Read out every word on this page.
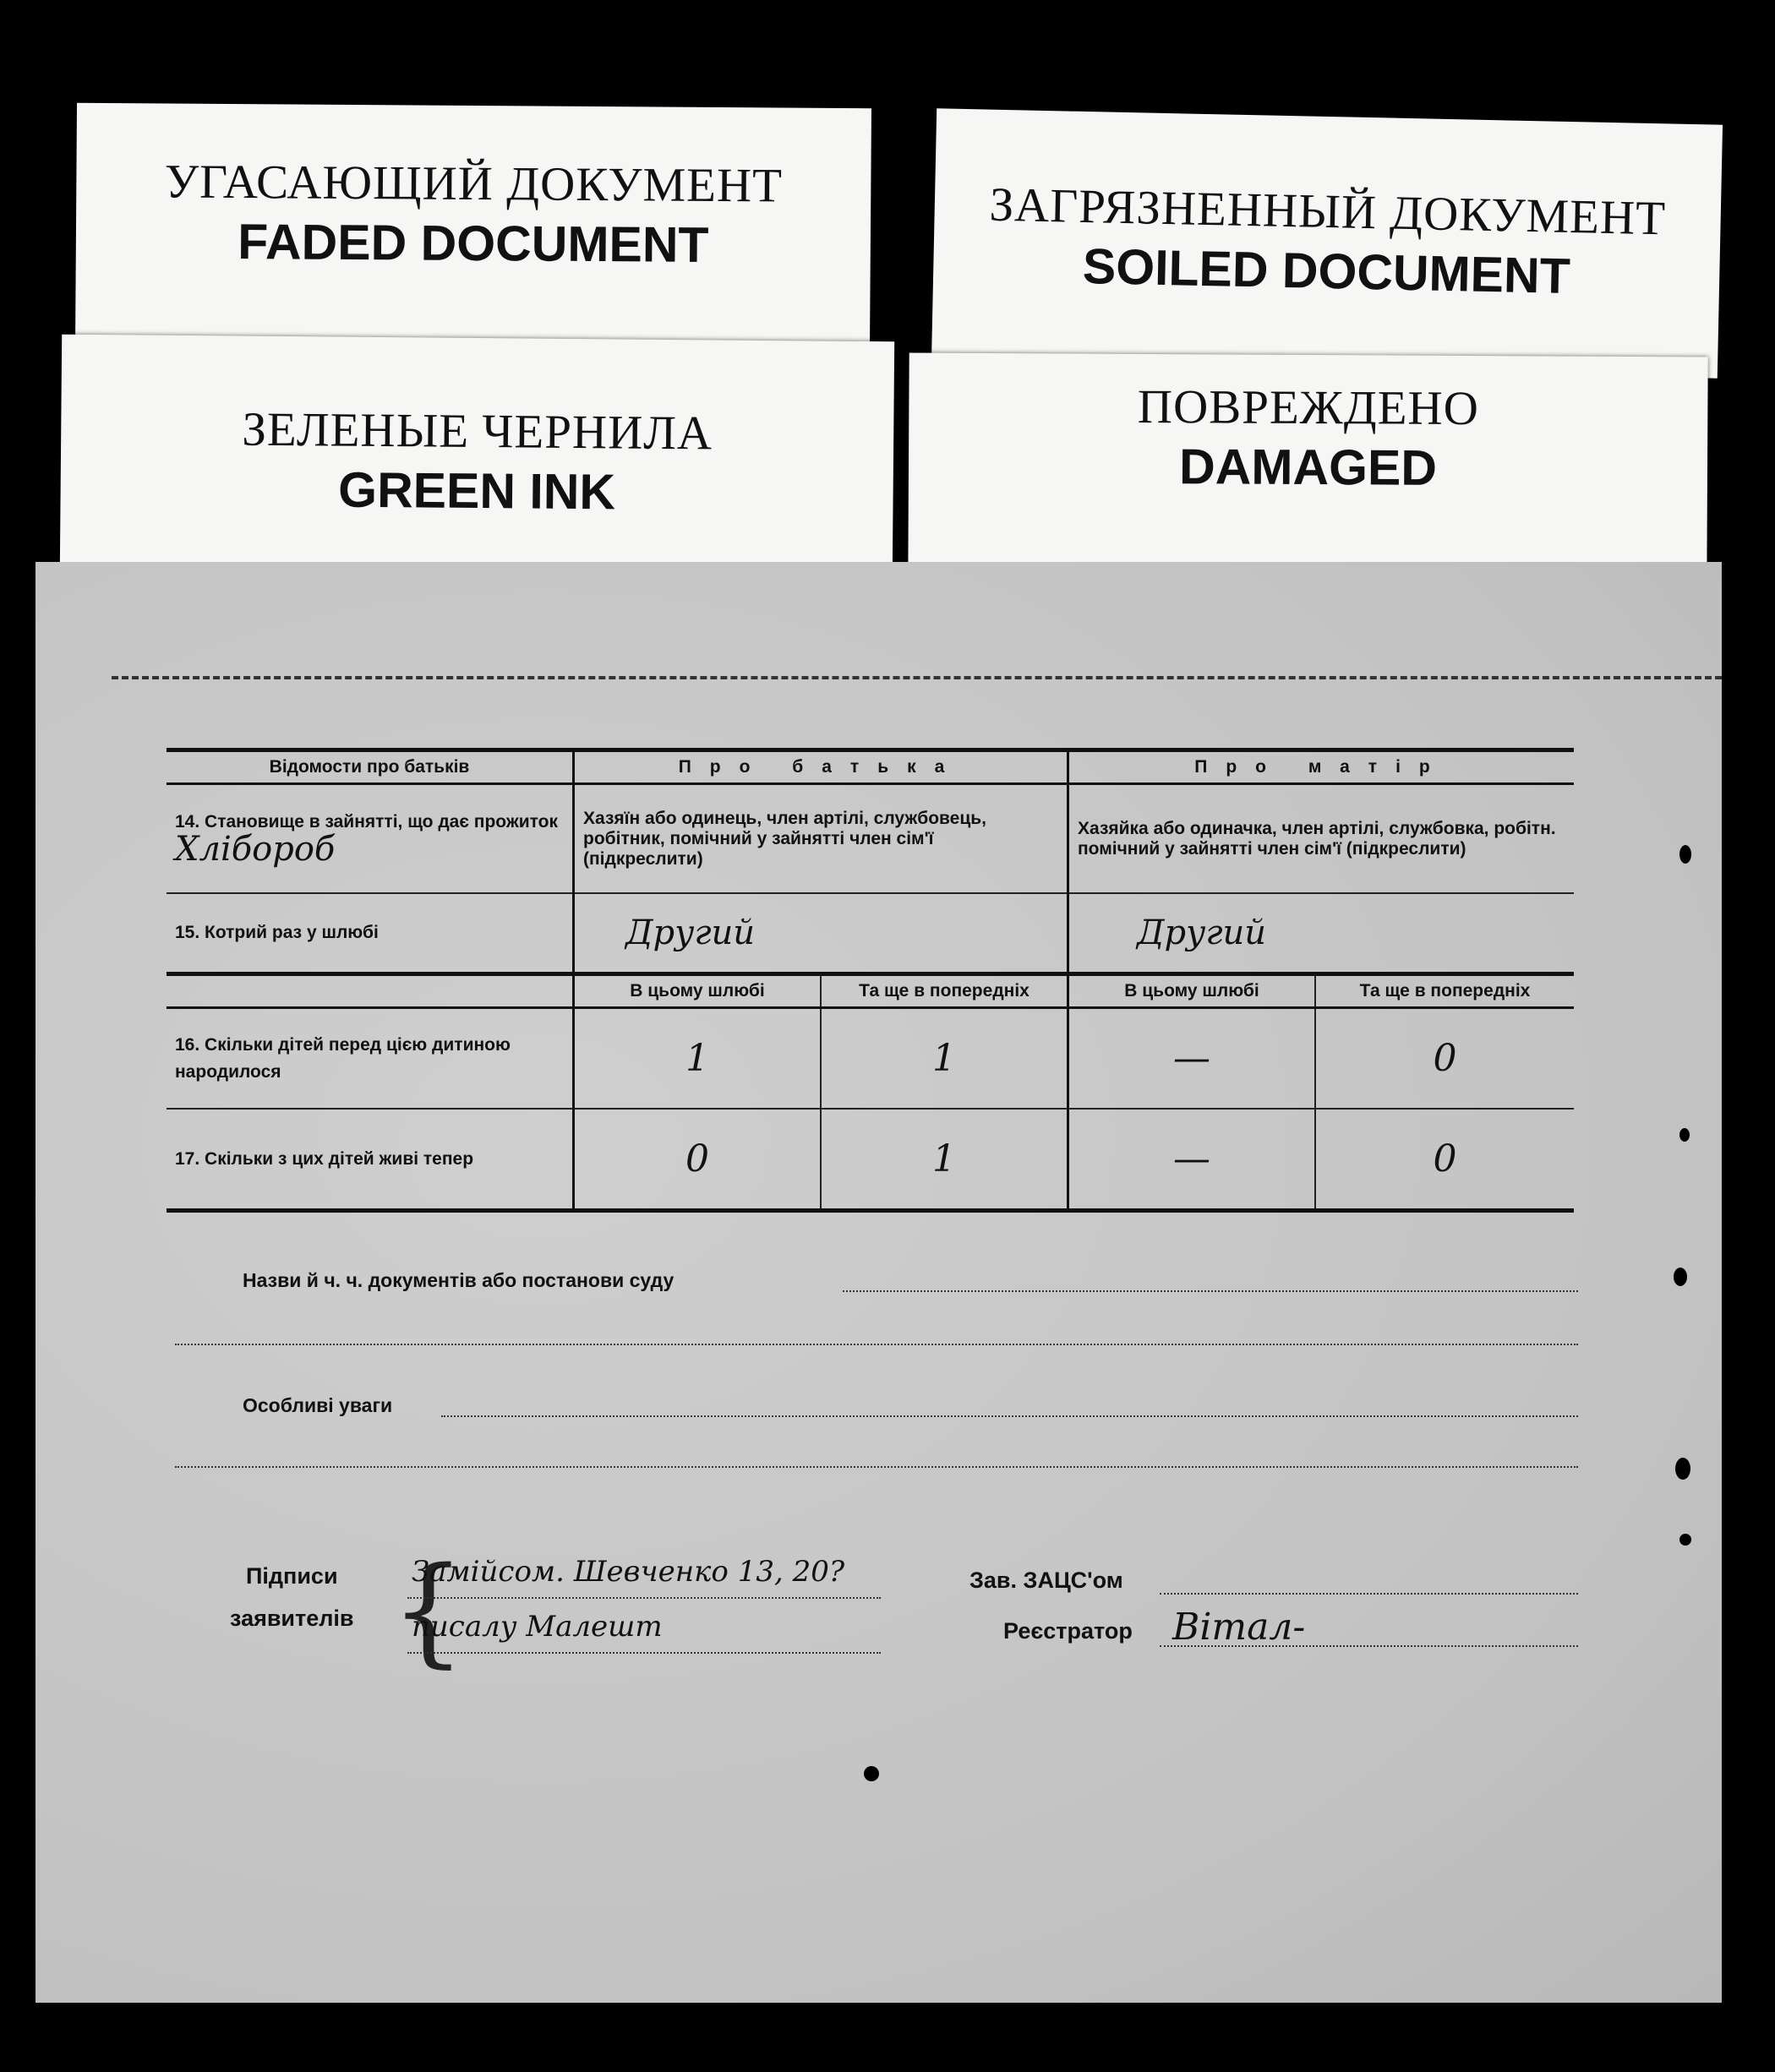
УГАСАЮЩИЙ ДОКУМЕНТ
FADED DOCUMENT	ЗАГРЯЗНЕННЫЙ ДОКУМЕНТ
SOILED DOCUMENT
ЗЕЛЕНЫЕ ЧЕРНИЛА
GREEN INK
ПОВРЕЖДЕНО
DAMAGED
Відомости про батьків	Про батька		Про матір	
14. Становище в зайнятті, що дає прожиток Хлібороб	Хазяїн або одинець, член артілі, службовець, робітник, помічний у зайнятті член сім'ї (підкреслити)		Хазяйка або одиначка, член артілі, службовка, робітн. помічний у зайнятті член сім'ї (підкреслити)	
15. Котрий раз у шлюбі	Другий		Другий	
	В цьому шлюбі	Та ще в попередніх	В цьому шлюбі	Та ще в попередніх
16. Скільки дітей перед цією дитиною народилося	1	1	—	0
17. Скільки з цих дітей живі тепер	0	1	—	0
Назви й ч. ч. документів або постанови суду
Особливі уваги
Підписи
заявителів {
Замійсом. Шевченко 13, 20?
писалу Малешт
Зав. ЗАЦС'ом
Реєстратор Вітал-
